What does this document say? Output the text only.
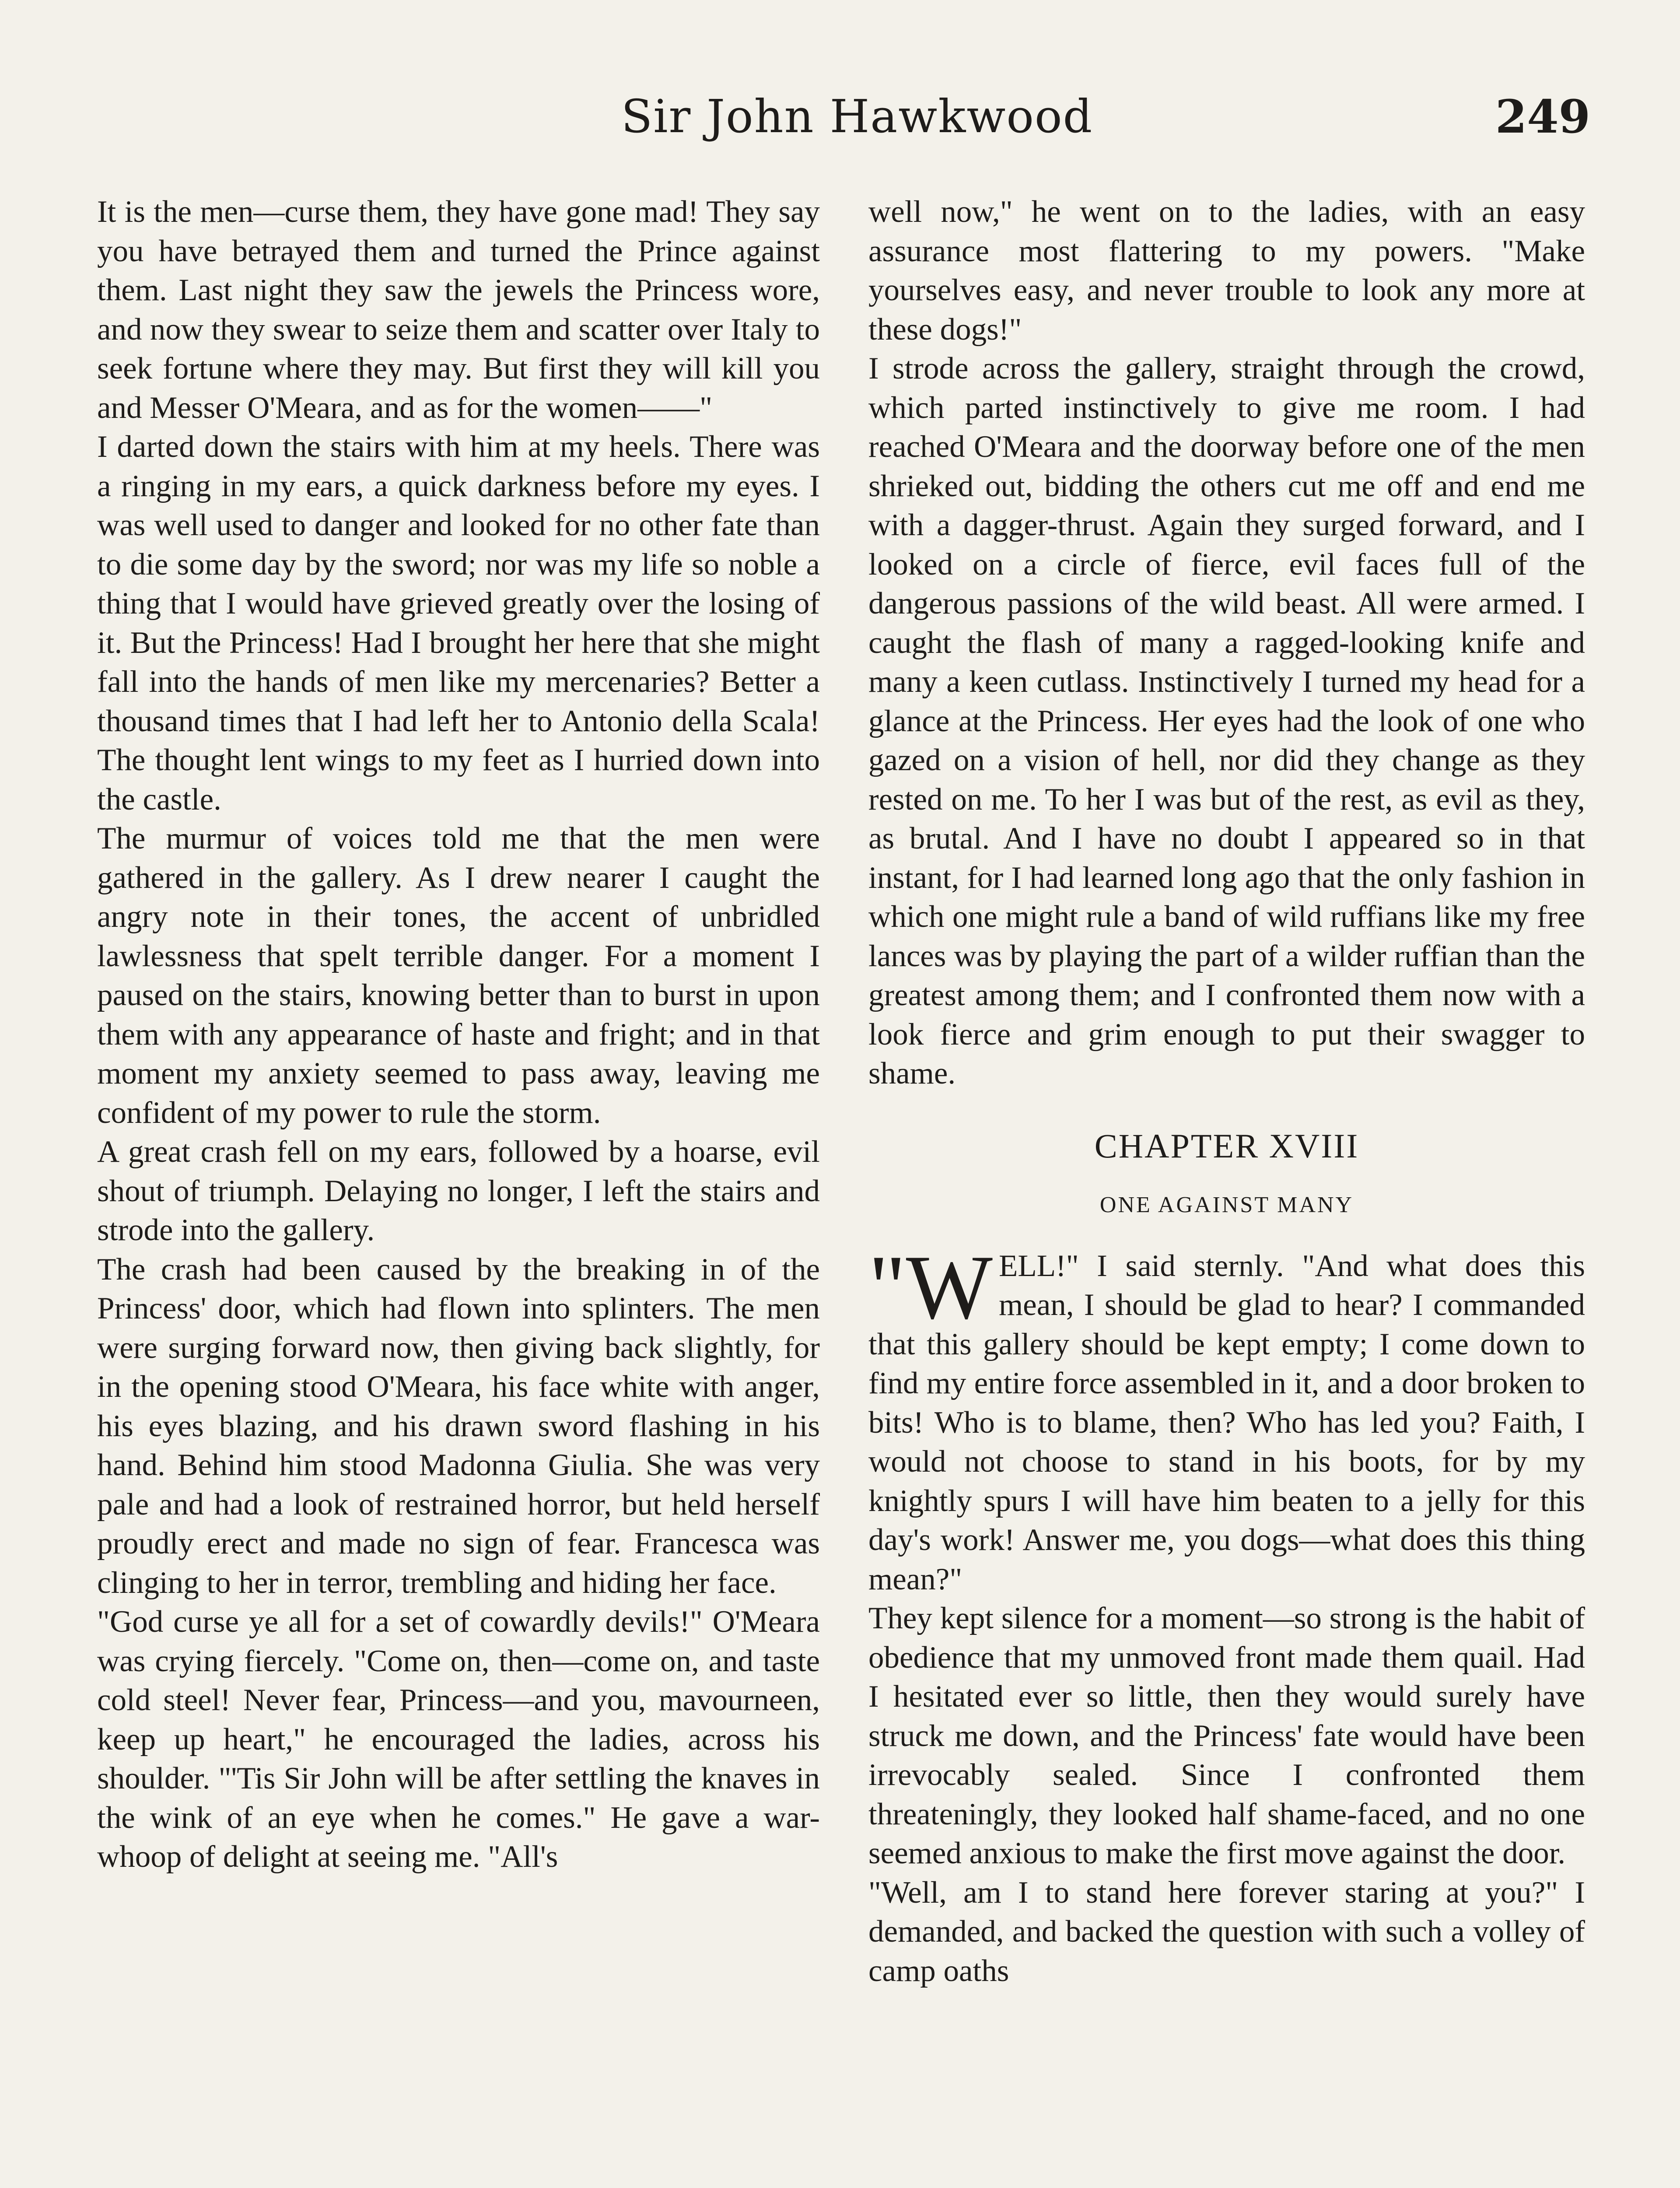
Sir John Hawkwood	249

It is the men—curse them, they have gone mad! They say you have betrayed them and turned the Prince against them. Last night they saw the jewels the Princess wore, and now they swear to seize them and scatter over Italy to seek fortune where they may. But first they will kill you and Messer O'Meara, and as for the women——"

I darted down the stairs with him at my heels. There was a ringing in my ears, a quick darkness before my eyes. I was well used to danger and looked for no other fate than to die some day by the sword; nor was my life so noble a thing that I would have grieved greatly over the losing of it. But the Princess! Had I brought her here that she might fall into the hands of men like my mercenaries? Better a thousand times that I had left her to Antonio della Scala! The thought lent wings to my feet as I hurried down into the castle.

The murmur of voices told me that the men were gathered in the gallery. As I drew nearer I caught the angry note in their tones, the accent of unbridled lawlessness that spelt terrible danger. For a moment I paused on the stairs, knowing better than to burst in upon them with any appearance of haste and fright; and in that moment my anxiety seemed to pass away, leaving me confident of my power to rule the storm.

A great crash fell on my ears, followed by a hoarse, evil shout of triumph. Delaying no longer, I left the stairs and strode into the gallery.

The crash had been caused by the breaking in of the Princess' door, which had flown into splinters. The men were surging forward now, then giving back slightly, for in the opening stood O'Meara, his face white with anger, his eyes blazing, and his drawn sword flashing in his hand. Behind him stood Madonna Giulia. She was very pale and had a look of restrained horror, but held herself proudly erect and made no sign of fear. Francesca was clinging to her in terror, trembling and hiding her face.

"God curse ye all for a set of cowardly devils!" O'Meara was crying fiercely. "Come on, then—come on, and taste cold steel! Never fear, Princess—and you, mavourneen, keep up heart," he encouraged the ladies, across his shoulder. "'Tis Sir John will be after settling the knaves in the wink of an eye when he comes." He gave a war-whoop of delight at seeing me. "All's

well now," he went on to the ladies, with an easy assurance most flattering to my powers. "Make yourselves easy, and never trouble to look any more at these dogs!"

I strode across the gallery, straight through the crowd, which parted instinctively to give me room. I had reached O'Meara and the doorway before one of the men shrieked out, bidding the others cut me off and end me with a dagger-thrust. Again they surged forward, and I looked on a circle of fierce, evil faces full of the dangerous passions of the wild beast. All were armed. I caught the flash of many a ragged-looking knife and many a keen cutlass. Instinctively I turned my head for a glance at the Princess. Her eyes had the look of one who gazed on a vision of hell, nor did they change as they rested on me. To her I was but of the rest, as evil as they, as brutal. And I have no doubt I appeared so in that instant, for I had learned long ago that the only fashion in which one might rule a band of wild ruffians like my free lances was by playing the part of a wilder ruffian than the greatest among them; and I confronted them now with a look fierce and grim enough to put their swagger to shame.

CHAPTER XVIII
ONE AGAINST MANY

"W ELL!" I said sternly. "And what does this mean, I should be glad to hear? I commanded that this gallery should be kept empty; I come down to find my entire force assembled in it, and a door broken to bits! Who is to blame, then? Who has led you? Faith, I would not choose to stand in his boots, for by my knightly spurs I will have him beaten to a jelly for this day's work! Answer me, you dogs—what does this thing mean?"

They kept silence for a moment—so strong is the habit of obedience that my unmoved front made them quail. Had I hesitated ever so little, then they would surely have struck me down, and the Princess' fate would have been irrevocably sealed. Since I confronted them threateningly, they looked half shame-faced, and no one seemed anxious to make the first move against the door.

"Well, am I to stand here forever staring at you?" I demanded, and backed the question with such a volley of camp oaths
